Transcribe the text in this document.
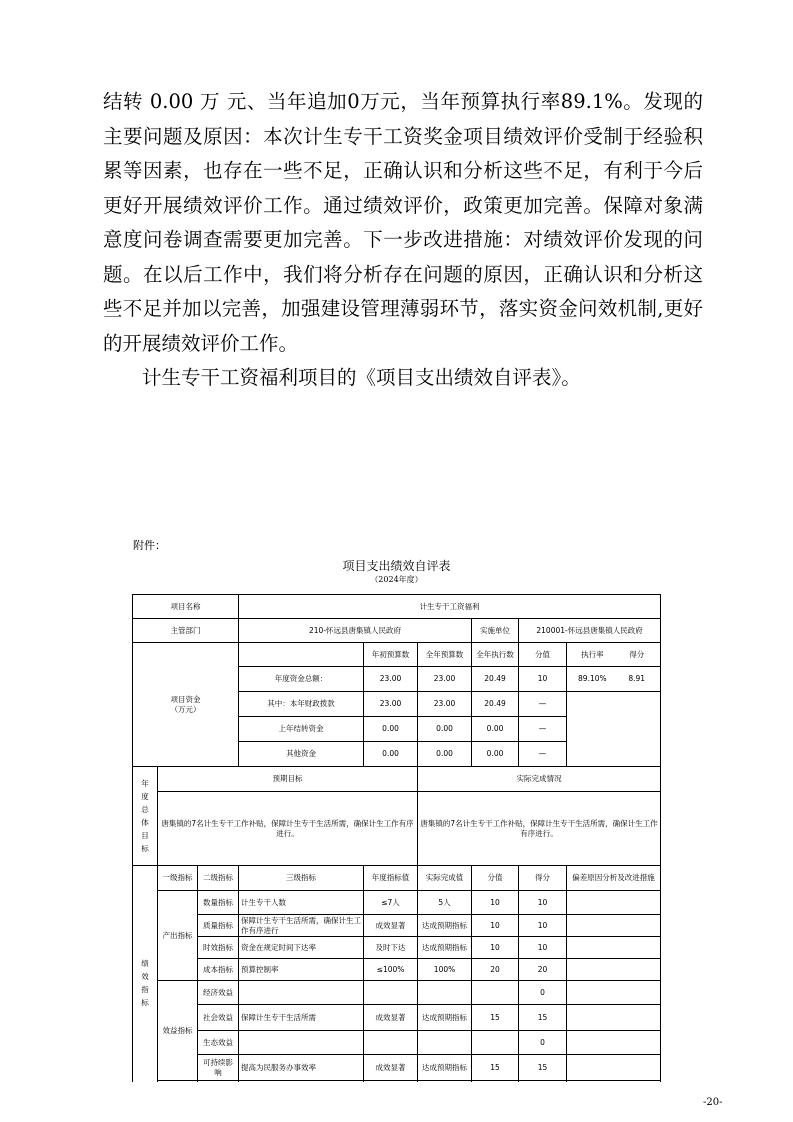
结转 0.00 万 元、当年追加0万元，当年预算执行率89.1%。发现的主要问题及原因：本次计生专干工资奖金项目绩效评价受制于经验积累等因素，也存在一些不足，正确认识和分析这些不足，有利于今后更好开展绩效评价工作。通过绩效评价，政策更加完善。保障对象满意度问卷调查需要更加完善。下一步改进措施：对绩效评价发现的问题。在以后工作中，我们将分析存在问题的原因，正确认识和分析这些不足并加以完善，加强建设管理薄弱环节，落实资金问效机制,更好的开展绩效评价工作。

计生专干工资福利项目的《项目支出绩效自评表》。

附件：
项目支出绩效自评表
（2024年度）
项目名称			计生专干工资福利					
主管部门			210-怀远县唐集镇人民政府			实施单位	210001-怀远县唐集镇人民政府	
项目资金
（万元）				年初预算数	全年预算数	全年执行数	分值	执行率 得分
			年度资金总额：	23.00	23.00	20.49	10	89.10% 8.91
			其中：本年财政拨款	23.00	23.00	20.49	—	
			上年结转资金	0.00	0.00	0.00	—	
			其他资金	0.00	0.00	0.00	—	
年度总体目标	预期目标				实际完成情况			
	唐集镇的7名计生专干工作补贴，保障计生专干生活所需，确保计生工作有序进行。				唐集镇的7名计生专干工作补贴，保障计生专干生活所需，确保计生工作有序进行。			
绩效指标	一级指标	二级指标	三级指标	年度指标值	实际完成值	分值	得分	偏差原因分析及改进措施
	产出指标	数量指标	计生专干人数	≤7人	5人	10	10	
		质量指标	保障计生专干生活所需，确保计生工作有序进行	成效显著	达成预期指标	10	10	
		时效指标	资金在规定时间下达率	及时下达	达成预期指标	10	10	
		成本指标	预算控制率	≤100%	100%	20	20	
	效益指标	经济效益					0	
		社会效益	保障计生专干生活所需	成效显著	达成预期指标	15	15	
		生态效益					0	
		可持续影响	提高为民服务办事效率	成效显著	达成预期指标	15	15	

-20-
